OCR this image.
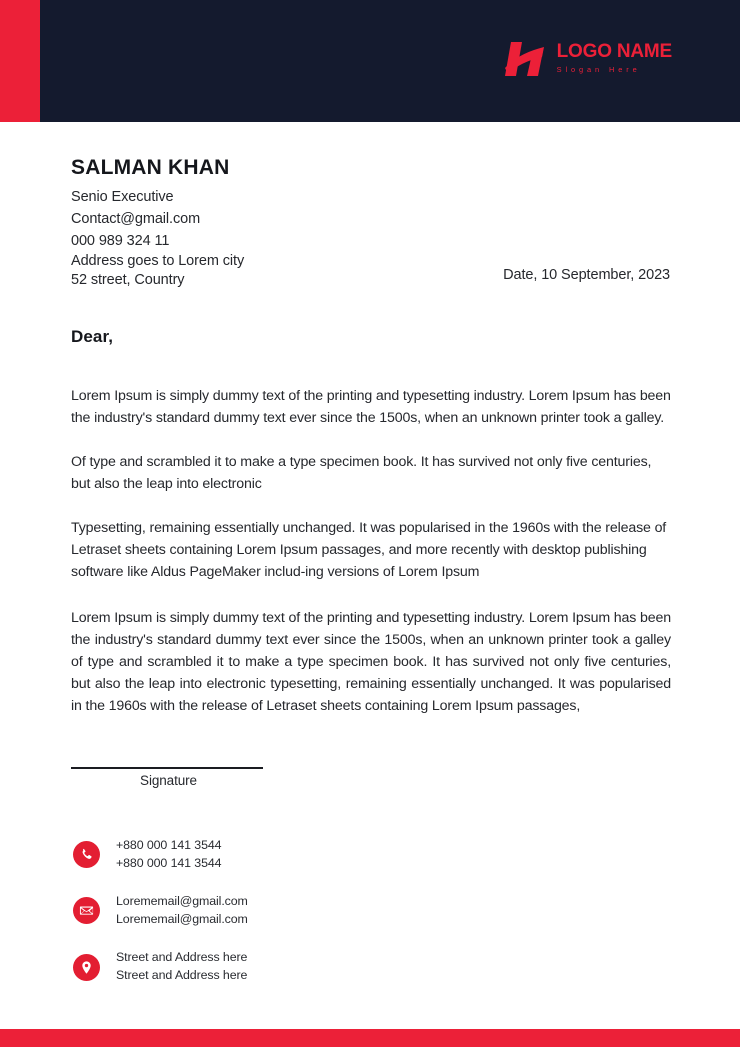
LOGO NAME
Slogan Here
SALMAN KHAN
Senio Executive
Contact@gmail.com
000 989 324 11
Address goes to Lorem city
52 street, Country	Date, 10 September, 2023
Dear,

Lorem Ipsum is simply dummy text of the printing and typesetting industry. Lorem Ipsum has been the industry's standard dummy text ever since the 1500s, when an unknown printer took a galley.

Of type and scrambled it to make a type specimen book. It has survived not only five centuries, but also the leap into electronic

Typesetting, remaining essentially unchanged. It was popularised in the 1960s with the release of Letraset sheets containing Lorem Ipsum passages, and more recently with desktop publishing software like Aldus PageMaker includ-ing versions of Lorem Ipsum

Lorem Ipsum is simply dummy text of the printing and typesetting industry. Lorem Ipsum has been the industry's standard dummy text ever since the 1500s, when an unknown printer took a galley of type and scrambled it to make a type specimen book. It has survived not only five centuries, but also the leap into electronic typesetting, remaining essentially unchanged. It was popularised in the 1960s with the release of Letraset sheets containing Lorem Ipsum passages,

Signature
+880 000 141 3544
+880 000 141 3544
Lorememail@gmail.com
Lorememail@gmail.com
Street and Address here
Street and Address here
